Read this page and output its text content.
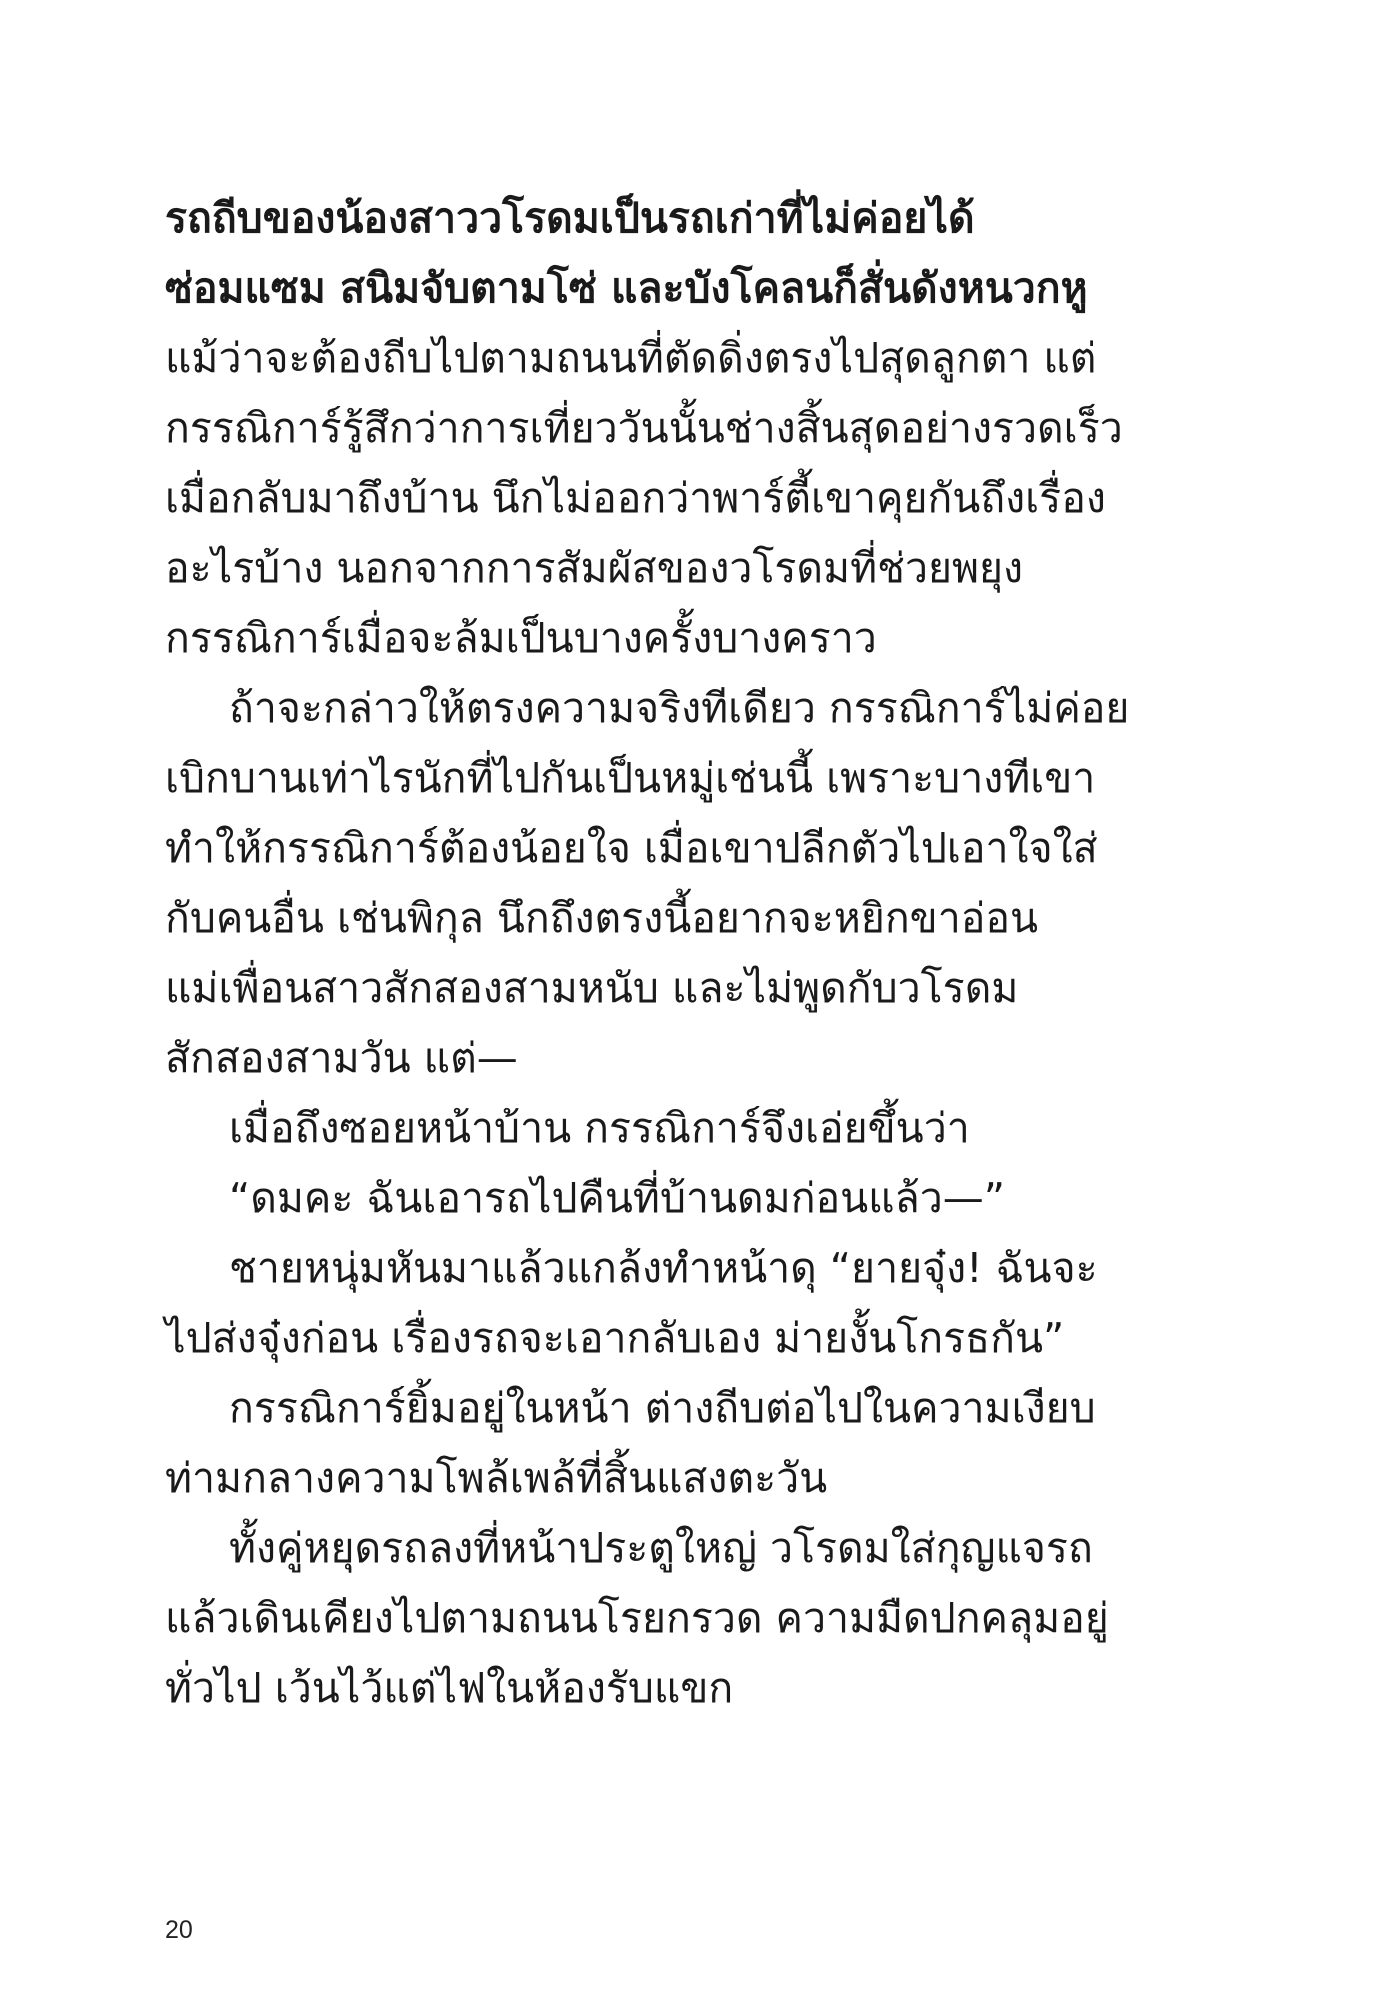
รถถีบของน้องสาววโรดมเป็นรถเก่าที่ไม่ค่อยได้
ซ่อมแซม สนิมจับตามโซ่ และบังโคลนก็สั่นดังหนวกหู
แม้ว่าจะต้องถีบไปตามถนนที่ตัดดิ่งตรงไปสุดลูกตา แต่
กรรณิการ์รู้สึกว่าการเที่ยววันนั้นช่างสิ้นสุดอย่างรวดเร็ว
เมื่อกลับมาถึงบ้าน นึกไม่ออกว่าพาร์ตี้เขาคุยกันถึงเรื่อง
อะไรบ้าง นอกจากการสัมผัสของวโรดมที่ช่วยพยุง
กรรณิการ์เมื่อจะล้มเป็นบางครั้งบางคราว
ถ้าจะกล่าวให้ตรงความจริงทีเดียว กรรณิการ์ไม่ค่อย
เบิกบานเท่าไรนักที่ไปกันเป็นหมู่เช่นนี้ เพราะบางทีเขา
ทำให้กรรณิการ์ต้องน้อยใจ เมื่อเขาปลีกตัวไปเอาใจใส่
กับคนอื่น เช่นพิกุล นึกถึงตรงนี้อยากจะหยิกขาอ่อน
แม่เพื่อนสาวสักสองสามหนับ และไม่พูดกับวโรดม
สักสองสามวัน แต่—
เมื่อถึงซอยหน้าบ้าน กรรณิการ์จึงเอ่ยขึ้นว่า
“ดมคะ ฉันเอารถไปคืนที่บ้านดมก่อนแล้ว—”
ชายหนุ่มหันมาแล้วแกล้งทำหน้าดุ “ยายจุ๋ง! ฉันจะ
ไปส่งจุ๋งก่อน เรื่องรถจะเอากลับเอง ม่ายงั้นโกรธกัน”
กรรณิการ์ยิ้มอยู่ในหน้า ต่างถีบต่อไปในความเงียบ
ท่ามกลางความโพล้เพล้ที่สิ้นแสงตะวัน
ทั้งคู่หยุดรถลงที่หน้าประตูใหญ่ วโรดมใส่กุญแจรถ
แล้วเดินเคียงไปตามถนนโรยกรวด ความมืดปกคลุมอยู่
ทั่วไป เว้นไว้แต่ไฟในห้องรับแขก
20
